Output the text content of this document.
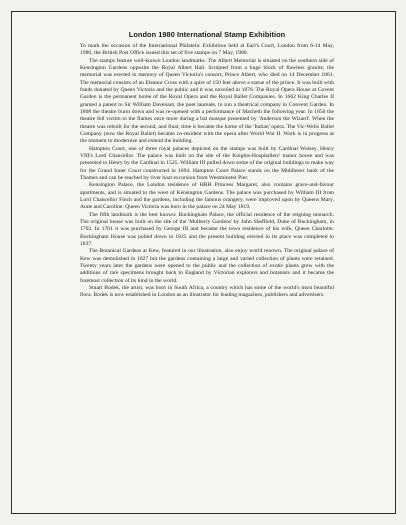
London 1980 International Stamp Exhibition

To mark the occasion of the International Philatelic Exhibition held at Earl's Court, London from 6-14 May, 1980, the British Post Office issued this set of five stamps on 7 May, 1980.

The stamps feature well-known London landmarks. The Albert Memorial is situated on the southern side of Kensington Gardens opposite the Royal Albert Hall. Sculpted from a huge block of flawless granite, the memorial was erected in memory of Queen Victoria's consort, Prince Albert, who died on 14 December 1861. The memorial consists of an Eleanor Cross with a spire of 150 feet above a statue of the prince. It was built with funds donated by Queen Victoria and the public and it was unveiled in 1876. The Royal Opera House at Covent Garden is the permanent home of the Royal Opera and the Royal Ballet Companies. In 1662 King Charles II granted a patent to Sir William Davenant, the poet laureate, to run a theatrical company in Convent Garden. In 1808 the theatre burnt down and was re-opened with a performance of Macbeth the following year. In 1856 the theatre fell victim to the flames once more during a bal masque presented by 'Anderson the Wizard'. When the theatre was rebuilt for the second, and final, time it became the home of the 'Italian' opera. The Vic-Wells Ballet Company (now the Royal Ballet) became co-resident with the opera after World War II. Work is in progress at the moment to modernise and extend the building.

Hampton Court, one of three royal palaces depicted on the stamps was built by Cardinal Wolsey, Henry VIII's Lord Chancellor. The palace was built on the site of the Knights-Hospitallers' manor house and was presented to Henry by the Cardinal in 1525. William III pulled down some of the original buildings to make way for the Grand Inner Court constructed in 1694. Hampton Court Palace stands on the Middlesex bank of the Thames and can be reached by river boat excursion from Westminster Pier.

Kensington Palace, the London residence of HRH Princess Margaret, also contains grace-and-favour apartments, and is situated to the west of Kensington Gardens. The palace was purchased by William III from Lord Chancellor Finch and the gardens, including the famous orangery, were improved upon by Queens Mary, Anne and Caroline. Queen Victoria was born in the palace on 24 May 1819.

The fifth landmark is the best known: Buckingham Palace, the official residence of the reigning monarch. The original house was built on the site of the 'Mulberry Gardens' by John Sheffield, Duke of Buckingham, in 1703. In 1761 it was purchased by George III and became the town residence of his wife, Queen Charlotte. Buckingham House was pulled down in 1825 and the present building erected in its place was completed in 1837.

The Botanical Gardens at Kew, featured in our illustration, also enjoy world renown. The original palace of Kew was demolished in 1827 but the gardens containing a large and varied collection of plants were retained. Twenty years later the gardens were opened to the public and the collection of exotic plants grew with the additions of rare specimens brought back to England by Victorian explorers and botanists and it became the foremost collection of its kind in the world.

Stuart Bodek, the artist, was born in South Africa, a country which has some of the world's most beautiful flora. Bodek is now established in London as an illustrator for leading magazines, publishers and advertisers.
